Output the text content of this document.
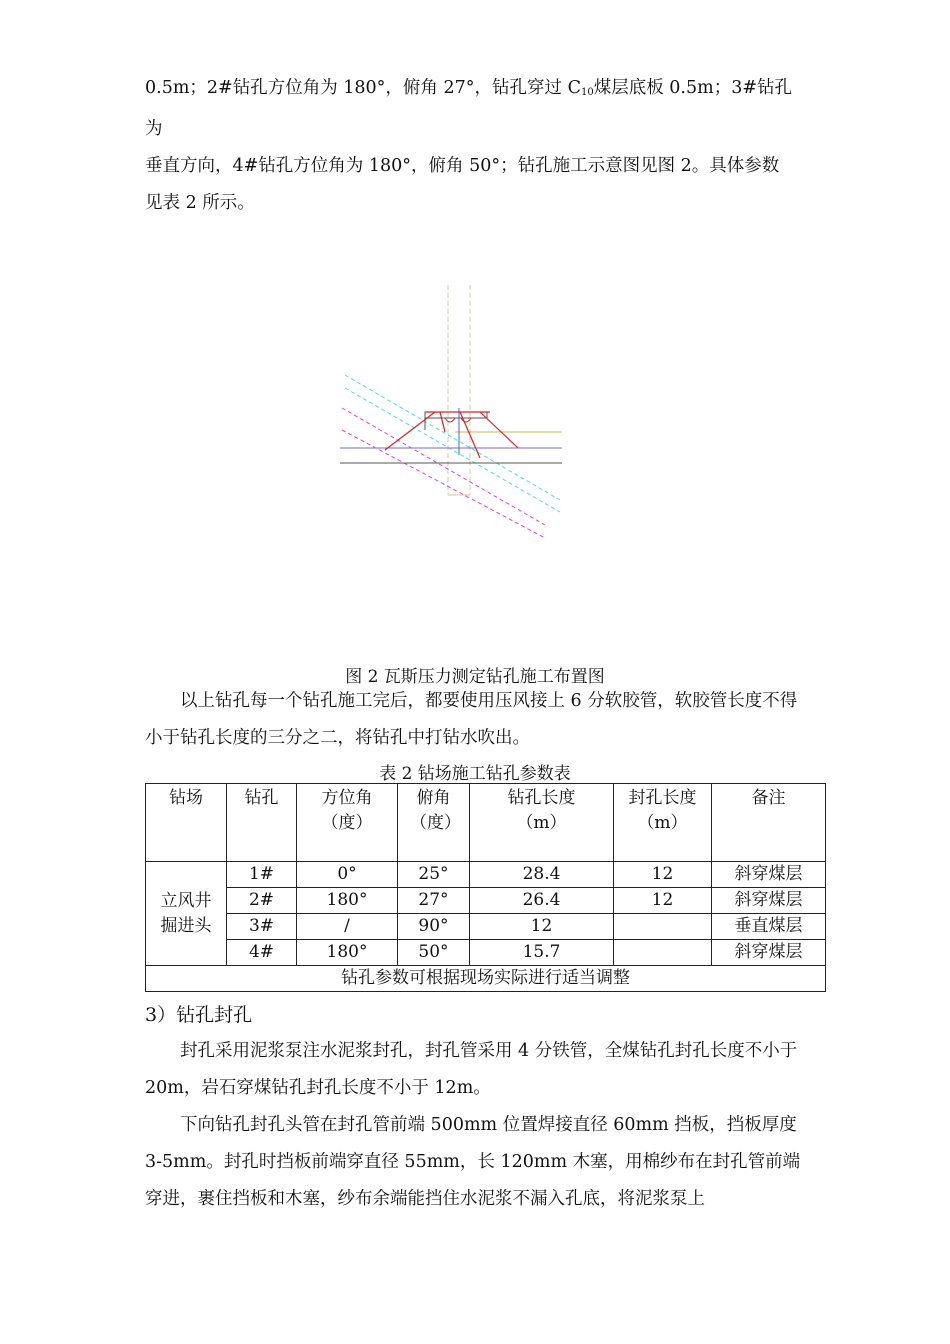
0.5m；2#钻孔方位角为 180°，俯角 27°，钻孔穿过 $C_{10}$煤层底板 0.5m；3#钻孔为
垂直方向，4#钻孔方位角为 180°，俯角 50°；钻孔施工示意图见图 2。具体参数
见表 2 所示。
图 2 瓦斯压力测定钻孔施工布置图

以上钻孔每一个钻孔施工完后，都要使用压风接上 6 分软胶管，软胶管长度不得小于钻孔长度的三分之二，将钻孔中打钻水吹出。

表 2 钻场施工钻孔参数表
钻场	钻孔	方位角（度）	俯角（度）	钻孔长度（m）	封孔长度（m）	备注
立风井掘进头	1#	0°	25°	28.4	12	斜穿煤层
	2#	180°	27°	26.4	12	斜穿煤层
	3#	/	90°	12		垂直煤层
	4#	180°	50°	15.7		斜穿煤层
钻孔参数可根据现场实际进行适当调整						
3）钻孔封孔

封孔采用泥浆泵注水泥浆封孔，封孔管采用 4 分铁管，全煤钻孔封孔长度不小于 20m，岩石穿煤钻孔封孔长度不小于 12m。

下向钻孔封孔头管在封孔管前端 500mm 位置焊接直径 60mm 挡板，挡板厚度 3-5mm。封孔时挡板前端穿直径 55mm，长 120mm 木塞，用棉纱布在封孔管前端穿进，裹住挡板和木塞，纱布余端能挡住水泥浆不漏入孔底，将泥浆泵上
